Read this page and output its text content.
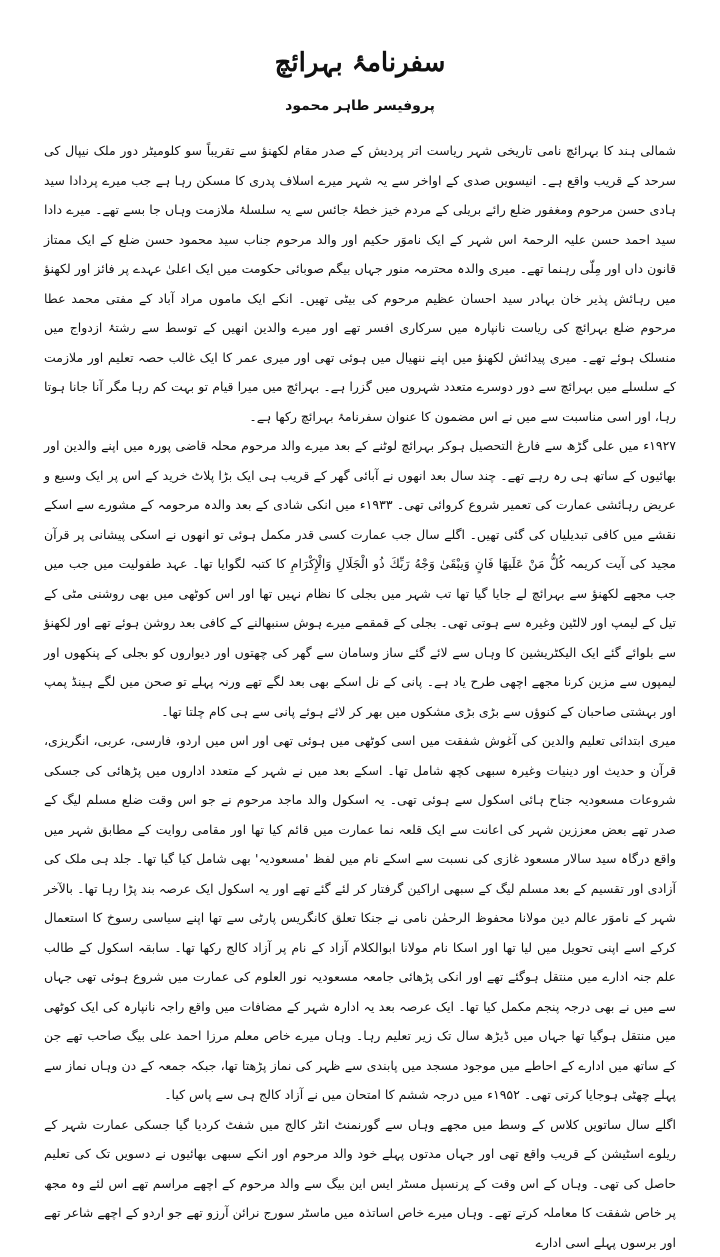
سفرنامۂ بہرائچ
پروفیسر طاہر محمود

شمالی ہند کا بہرائچ نامی تاریخی شہر ریاست اتر پردیش کے صدر مقام لکھنؤ سے تقریباً سو کلومیٹر دور ملک نیپال کی سرحد کے قریب واقع ہے۔ انیسویں صدی کے اواخر سے یہ شہر میرے اسلاف پدری کا مسکن رہا ہے جب میرے پردادا سید ہادی حسن مرحوم ومغفور ضلع رائے بریلی کے مردم خیز خطۂ جائس سے یہ سلسلۂ ملازمت وہاں جا بسے تھے۔ میرے دادا سید احمد حسن علیہ الرحمۃ اس شہر کے ایک ناموَر حکیم اور والد مرحوم جناب سید محمود حسن ضلع کے ایک ممتاز قانون داں اور مِلّی رہنما تھے۔ میری والدہ محترمہ منور جہاں بیگم صوبائی حکومت میں ایک اعلیٰ عہدے پر فائز اور لکھنؤ میں رہائش پذیر خان بہادر سید احسان عظیم مرحوم کی بیٹی تھیں۔ انکے ایک ماموں مراد آباد کے مفتی محمد عطا مرحوم ضلع بہرائچ کی ریاست نانپارہ میں سرکاری افسر تھے اور میرے والدین انھیں کے توسط سے رشتۂ ازدواج میں منسلک ہوئے تھے۔ میری پیدائش لکھنؤ میں اپنے ننھیال میں ہوئی تھی اور میری عمر کا ایک غالب حصہ تعلیم اور ملازمت کے سلسلے میں بہرائچ سے دور دوسرے متعدد شہروں میں گزرا ہے۔ بہرائچ میں میرا قیام تو بہت کم رہا مگر آنا جانا ہوتا رہا، اور اسی مناسبت سے میں نے اس مضمون کا عنوان سفرنامۂ بہرائچ رکھا ہے۔

۱۹۲۷ء میں علی گڑھ سے فارغ التحصیل ہوکر بہرائچ لوٹنے کے بعد میرے والد مرحوم محلہ قاضی پورہ میں اپنے والدین اور بھائیوں کے ساتھ ہی رہ رہے تھے۔ چند سال بعد انھوں نے آبائی گھر کے قریب ہی ایک بڑا پلاٹ خرید کے اس پر ایک وسیع و عریض رہائشی عمارت کی تعمیر شروع کروائی تھی۔ ۱۹۳۳ء میں انکی شادی کے بعد والدہ مرحومہ کے مشورے سے اسکے نقشے میں کافی تبدیلیاں کی گئی تھیں۔ اگلے سال جب عمارت کسی قدر مکمل ہوئی تو انھوں نے اسکی پیشانی پر قرآن مجید کی آیت کریمہ كُلُّ مَنْ عَلَيهَا فَانٍ وَيبْقَىٰ وَجْهُ رَبِّكَ ذُو الْجَلَالِ وَالْإِكْرَامِ کا کتبہ لگوایا تھا۔ عہد طفولیت میں جب میں جب مجھے لکھنؤ سے بہرائچ لے جایا گیا تھا تب شہر میں بجلی کا نظام نہیں تھا اور اس کوٹھی میں بھی روشنی مٹی کے تیل کے لیمپ اور لالٹین وغیرہ سے ہوتی تھی۔ بجلی کے قمقمے میرے ہوش سنبھالنے کے کافی بعد روشن ہوئے تھے اور لکھنؤ سے بلوائے گئے ایک الیکٹریشین کا وہاں سے لائے گئے ساز وسامان سے گھر کی چھتوں اور دیواروں کو بجلی کے پنکھوں اور لیمپوں سے مزین کرنا مجھے اچھی طرح یاد ہے۔ پانی کے نل اسکے بھی بعد لگے تھے ورنہ پہلے تو صحن میں لگے ہینڈ پمپ اور بہشتی صاحبان کے کنوؤں سے بڑی بڑی مشکوں میں بھر کر لائے ہوئے پانی سے ہی کام چلتا تھا۔

میری ابتدائی تعلیم والدین کی آغوش شفقت میں اسی کوٹھی میں ہوئی تھی اور اس میں اردو، فارسی، عربی، انگریزی، قرآن و حدیث اور دینیات وغیرہ سبھی کچھ شامل تھا۔ اسکے بعد میں نے شہر کے متعدد اداروں میں پڑھائی کی جسکی شروعات مسعودیہ جناح ہائی اسکول سے ہوئی تھی۔ یہ اسکول والد ماجد مرحوم نے جو اس وقت ضلع مسلم لیگ کے صدر تھے بعض معززین شہر کی اعانت سے ایک قلعہ نما عمارت میں قائم کیا تھا اور مقامی روایت کے مطابق شہر میں واقع درگاہ سید سالار مسعود غازی کی نسبت سے اسکے نام میں لفظ 'مسعودیہ' بھی شامل کیا گیا تھا۔ جلد ہی ملک کی آزادی اور تقسیم کے بعد مسلم لیگ کے سبھی اراکین گرفتار کر لئے گئے تھے اور یہ اسکول ایک عرصہ بند پڑا رہا تھا۔ بالآخر شہر کے ناموَر عالم دین مولانا محفوظ الرحمٰن نامی نے جنکا تعلق کانگریس پارٹی سے تھا اپنے سیاسی رسوخ کا استعمال کرکے اسے اپنی تحویل میں لیا تھا اور اسکا نام مولانا ابوالکلام آزاد کے نام پر آزاد کالج رکھا تھا۔ سابقہ اسکول کے طالب علم جنہ ادارے میں منتقل ہوگئے تھے اور انکی پڑھائی جامعہ مسعودیہ نور العلوم کی عمارت میں شروع ہوئی تھی جہاں سے میں نے بھی درجہ پنجم مکمل کیا تھا۔ ایک عرصہ بعد یہ ادارہ شہر کے مضافات میں واقع راجہ نانپارہ کی ایک کوٹھی میں منتقل ہوگیا تھا جہاں میں ڈیڑھ سال تک زیر تعلیم رہا۔ وہاں میرے خاص معلم مرزا احمد علی بیگ صاحب تھے جن کے ساتھ میں ادارے کے احاطے میں موجود مسجد میں پابندی سے ظہر کی نماز پڑھتا تھا، جبکہ جمعہ کے دن وہاں نماز سے پہلے چھٹی ہوجایا کرتی تھی۔ ۱۹۵۲ء میں درجہ ششم کا امتحان میں نے آزاد کالج ہی سے پاس کیا۔

اگلے سال ساتویں کلاس کے وسط میں مجھے وہاں سے گورنمنٹ انٹر کالج میں شفٹ کردیا گیا جسکی عمارت شہر کے ریلوے اسٹیشن کے قریب واقع تھی اور جہاں مدتوں پہلے خود والد مرحوم اور انکے سبھی بھائیوں نے دسویں تک کی تعلیم حاصل کی تھی۔ وہاں کے اس وقت کے پرنسپل مسٹر ایس این بیگ سے والد مرحوم کے اچھے مراسم تھے اس لئے وہ مجھ پر خاص شفقت کا معاملہ کرتے تھے۔ وہاں میرے خاص اساتذہ میں ماسٹر سورج نرائن آرزو تھے جو اردو کے اچھے شاعر تھے اور برسوں پہلے اسی ادارے
